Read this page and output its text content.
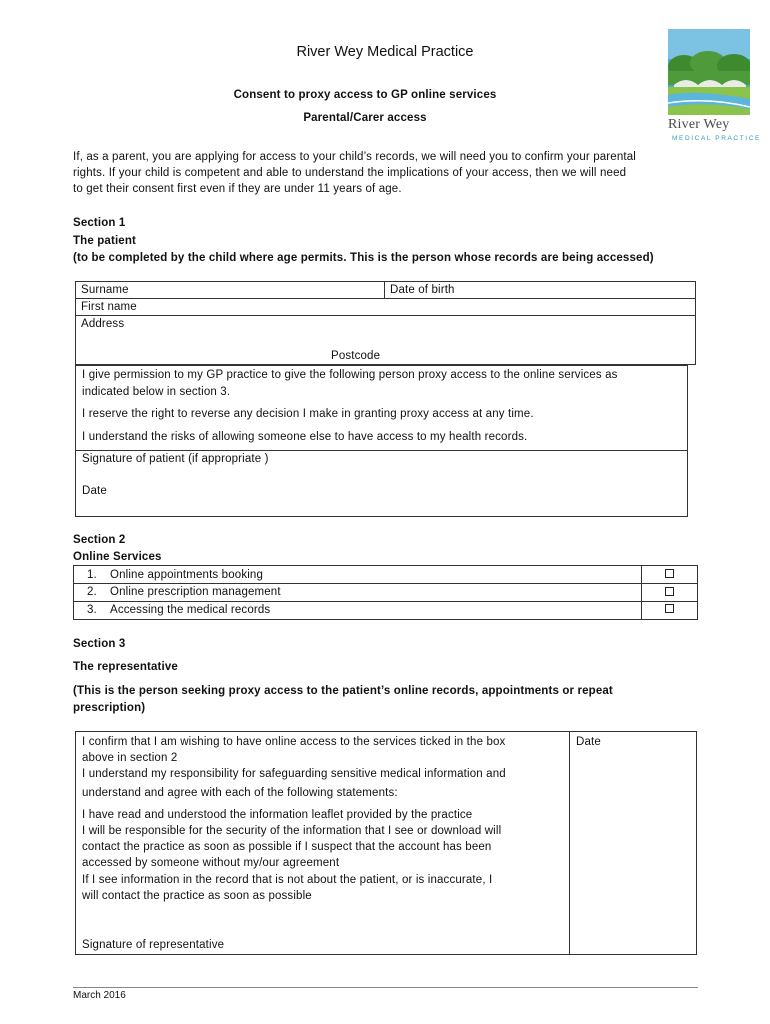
River Wey Medical Practice
Consent to proxy access to GP online services
Parental/Carer access	River Wey
MEDICAL PRACTICE
If, as a parent, you are applying for access to your child’s records, we will need you to confirm your parental
rights. If your child is competent and able to understand the implications of your access, then we will need
to get their consent first even if they are under 11 years of age.
Section 1
The patient
(to be completed by the child where age permits. This is the person whose records are being accessed)
Surname	Date of birth
First name
Address
Postcode
I give permission to my GP practice to give the following person proxy access to the online services as
indicated below in section 3.
I reserve the right to reverse any decision I make in granting proxy access at any time.
I understand the risks of allowing someone else to have access to my health records.
Signature of patient (if appropriate )
Date
Section 2
Online Services
1. Online appointments booking
2. Online prescription management
3. Accessing the medical records
Section 3
The representative
(This is the person seeking proxy access to the patient’s online records, appointments or repeat
prescription)
Date
I confirm that I am wishing to have online access to the services ticked in the box
above in section 2
I understand my responsibility for safeguarding sensitive medical information and
understand and agree with each of the following statements:
I have read and understood the information leaflet provided by the practice
I will be responsible for the security of the information that I see or download will
contact the practice as soon as possible if I suspect that the account has been
accessed by someone without my/our agreement
If I see information in the record that is not about the patient, or is inaccurate, I
will contact the practice as soon as possible
Signature of representative
March 2016
